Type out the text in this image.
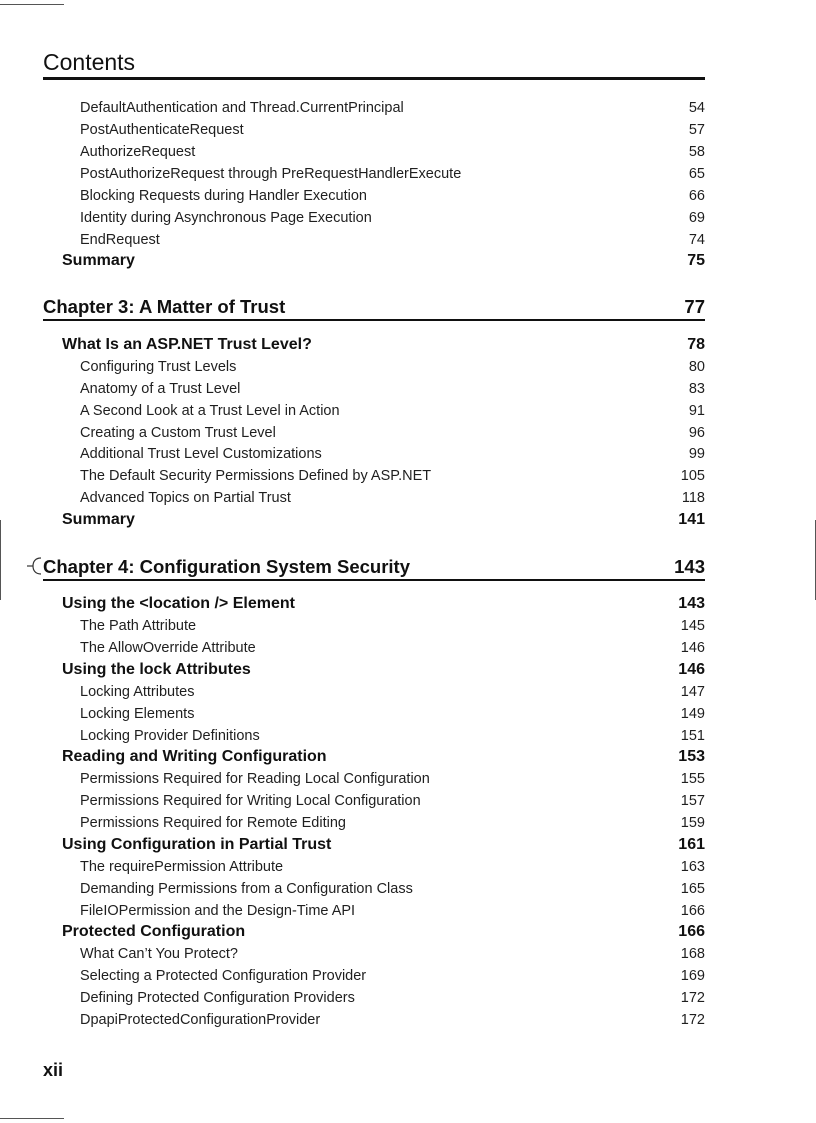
Contents
DefaultAuthentication and Thread.CurrentPrincipal	54
PostAuthenticateRequest	57
AuthorizeRequest	58
PostAuthorizeRequest through PreRequestHandlerExecute	65
Blocking Requests during Handler Execution	66
Identity during Asynchronous Page Execution	69
EndRequest	74
Summary	75
Chapter 3: A Matter of Trust	77
What Is an ASP.NET Trust Level?	78
Configuring Trust Levels	80
Anatomy of a Trust Level	83
A Second Look at a Trust Level in Action	91
Creating a Custom Trust Level	96
Additional Trust Level Customizations	99
The Default Security Permissions Defined by ASP.NET	105
Advanced Topics on Partial Trust	118
Summary	141
Chapter 4: Configuration System Security	143
Using the <location /> Element	143
The Path Attribute	145
The AllowOverride Attribute	146
Using the lock Attributes	146
Locking Attributes	147
Locking Elements	149
Locking Provider Definitions	151
Reading and Writing Configuration	153
Permissions Required for Reading Local Configuration	155
Permissions Required for Writing Local Configuration	157
Permissions Required for Remote Editing	159
Using Configuration in Partial Trust	161
The requirePermission Attribute	163
Demanding Permissions from a Configuration Class	165
FileIOPermission and the Design-Time API	166
Protected Configuration	166
What Can’t You Protect?	168
Selecting a Protected Configuration Provider	169
Defining Protected Configuration Providers	172
DpapiProtectedConfigurationProvider	172
xii
